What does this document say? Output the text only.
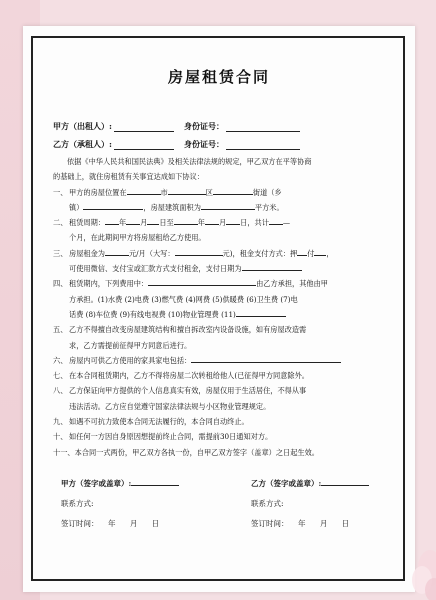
房屋租赁合同
甲方（出租人）:	身份证号：
乙方（承租人）:	身份证号：

依据《中华人民共和国民法典》及相关法律法规的规定，甲乙双方在平等协商

的基础上，就住房租赁有关事宜达成如下协议：

一、 甲方的房屋位置在	市	区	街道（乡

镇）	，房屋建筑面积为	平方米。

二、 租赁周期： 年 月 日至	年 月 日，共计 —

个月，在此期间甲方将房屋租给乙方使用。

三、 房屋租金为	元/月（大写：	元)，租金支付方式：押 付 ，

可使用微信、支付宝或汇款方式支付租金，支付日期为

四、 租赁期内，下列费用中：	由乙方承担，其他由甲

方承担。(1)水费 (2)电费 (3)燃气费 (4)网费 (5)供暖费 (6)卫生费 (7)电

话费 (8)车位费 (9)有线电视费 (10)物业管理费 (11)

五、 乙方不得擅自改变房屋建筑结构和擅自拆改室内设备设施，如有房屋改造需

求，乙方需提前征得甲方同意后进行。

六、 房屋内可供乙方使用的家具家电包括：

七、 在本合同租赁期内，乙方不得将房屋二次转租给他人(已征得甲方同意除外。

八、 乙方保证向甲方提供的个人信息真实有效，房屋仅用于生活居住，不得从事

违法活动。乙方应自觉遵守国家法律法规与小区物业管理规定。

九、 如遇不可抗力致使本合同无法履行的，本合同自动终止。

十、 如任何一方因自身原因想提前终止合同，需提前30日通知对方。

十一、本合同一式两份，甲乙双方各执一份，自甲乙双方签字（盖章）之日起生效。

甲方（签字或盖章）:
联系方式:
签订时间： 年 月 日
乙方（签字或盖章）:
联系方式:
签订时间： 年 月 日
